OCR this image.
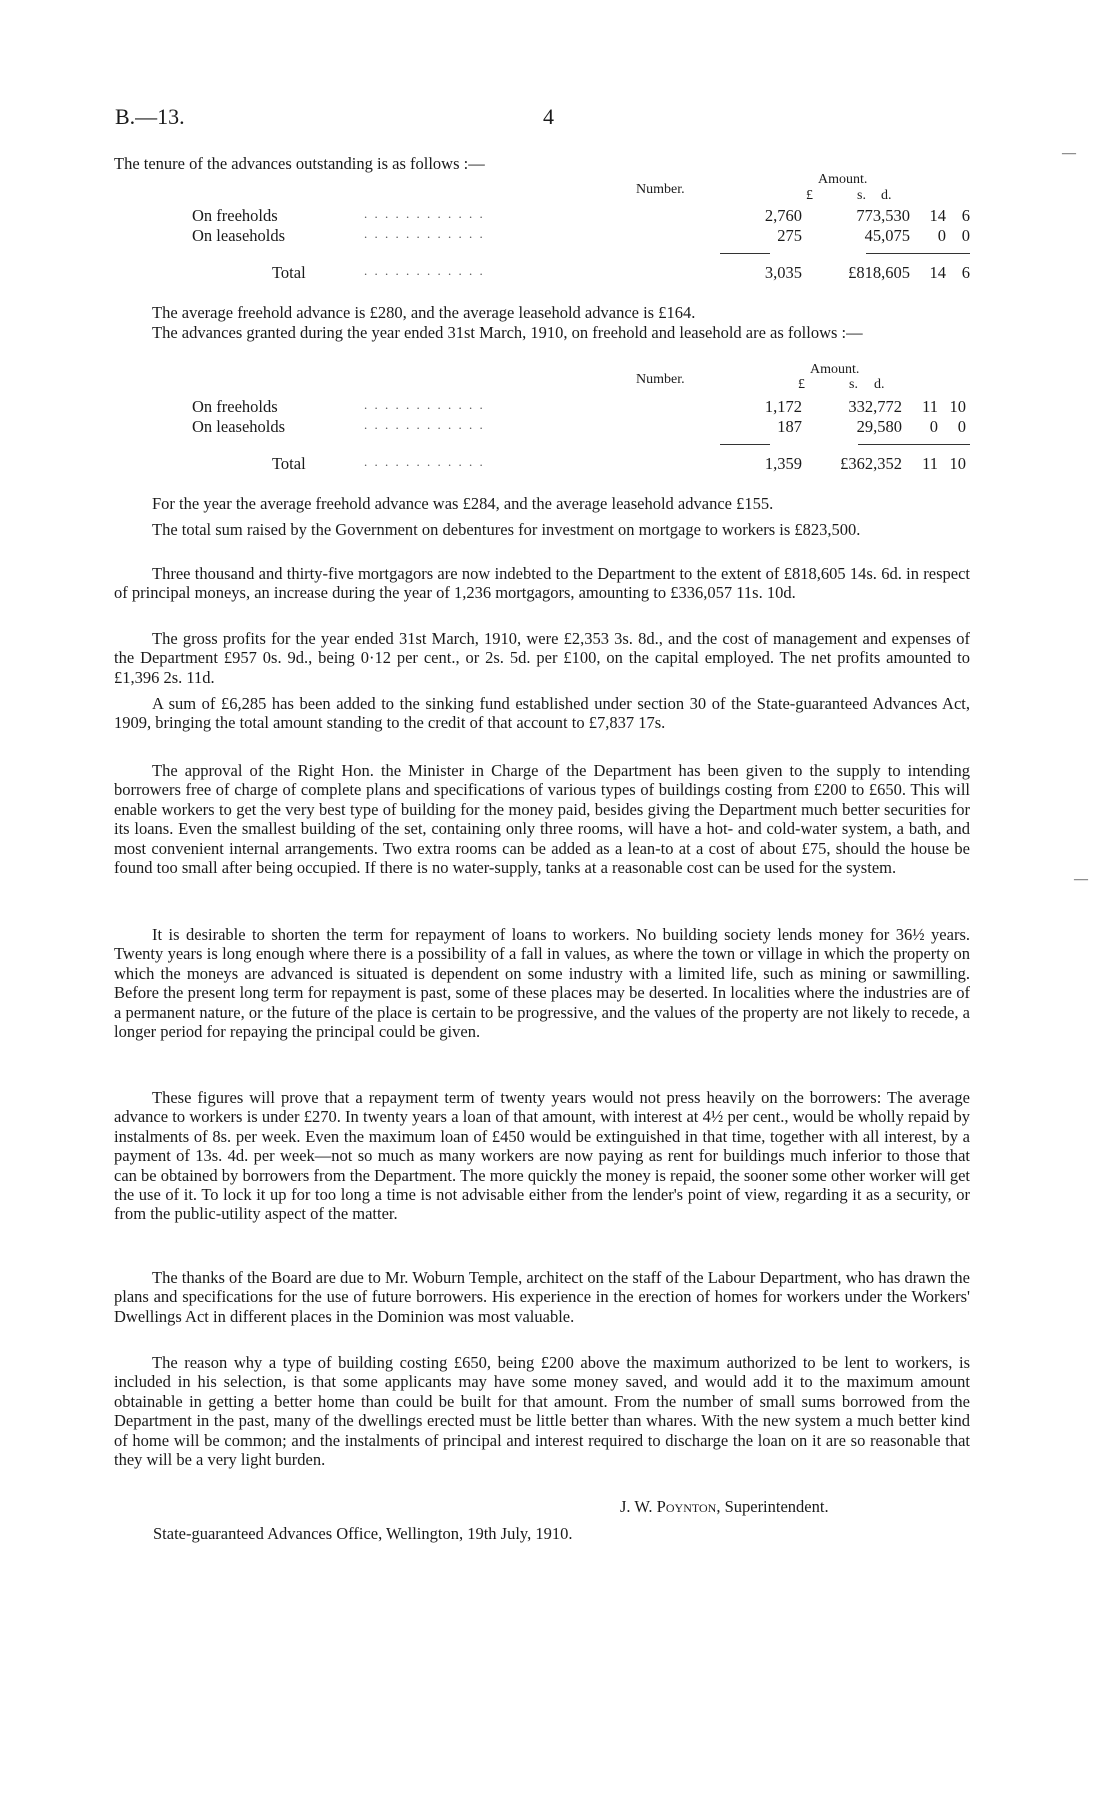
B.—13.	4
—
—
The tenure of the advances outstanding is as follows :—
Number.
Amount.
£	s. d.
On freeholds	. . . . . . . . . . . .	2,760	773,530	14 6
On leaseholds	. . . . . . . . . . . .	275	45,075	0 0
Total	. . . . . . . . . . . .	3,035	£818,605	14 6
The average freehold advance is £280, and the average leasehold advance is £164.
The advances granted during the year ended 31st March, 1910, on freehold and leasehold are as follows :—
Number.
Amount.
£	s. d.
On freeholds	. . . . . . . . . . . .	1,172	332,772	11 10
On leaseholds	. . . . . . . . . . . .	187	29,580	0	0
Total	. . . . . . . . . . . .	1,359 £362,352	11 10
For the year the average freehold advance was £284, and the average leasehold advance £155.
The total sum raised by the Government on debentures for investment on mortgage to workers is £823,500.
Three thousand and thirty-five mortgagors are now indebted to the Department to the extent of £818,605 14s. 6d. in respect of principal moneys, an increase during the year of 1,236 mortgagors, amounting to £336,057 11s. 10d.
The gross profits for the year ended 31st March, 1910, were £2,353 3s. 8d., and the cost of management and expenses of the Department £957 0s. 9d., being 0·12 per cent., or 2s. 5d. per £100, on the capital employed. The net profits amounted to £1,396 2s. 11d.
A sum of £6,285 has been added to the sinking fund established under section 30 of the State-guaranteed Advances Act, 1909, bringing the total amount standing to the credit of that account to £7,837 17s.
The approval of the Right Hon. the Minister in Charge of the Department has been given to the supply to intending borrowers free of charge of complete plans and specifications of various types of buildings costing from £200 to £650. This will enable workers to get the very best type of building for the money paid, besides giving the Department much better securities for its loans. Even the smallest building of the set, containing only three rooms, will have a hot- and cold-water system, a bath, and most convenient internal arrangements. Two extra rooms can be added as a lean-to at a cost of about £75, should the house be found too small after being occupied. If there is no water-supply, tanks at a reasonable cost can be used for the system.
It is desirable to shorten the term for repayment of loans to workers. No building society lends money for 36½ years. Twenty years is long enough where there is a possibility of a fall in values, as where the town or village in which the property on which the moneys are advanced is situated is dependent on some industry with a limited life, such as mining or sawmilling. Before the present long term for repayment is past, some of these places may be deserted. In localities where the industries are of a permanent nature, or the future of the place is certain to be progressive, and the values of the property are not likely to recede, a longer period for repaying the principal could be given.
These figures will prove that a repayment term of twenty years would not press heavily on the borrowers: The average advance to workers is under £270. In twenty years a loan of that amount, with interest at 4½ per cent., would be wholly repaid by instalments of 8s. per week. Even the maximum loan of £450 would be extinguished in that time, together with all interest, by a payment of 13s. 4d. per week—not so much as many workers are now paying as rent for buildings much inferior to those that can be obtained by borrowers from the Department. The more quickly the money is repaid, the sooner some other worker will get the use of it. To lock it up for too long a time is not advisable either from the lender's point of view, regarding it as a security, or from the public-utility aspect of the matter.
The thanks of the Board are due to Mr. Woburn Temple, architect on the staff of the Labour Department, who has drawn the plans and specifications for the use of future borrowers. His experience in the erection of homes for workers under the Workers' Dwellings Act in different places in the Dominion was most valuable.
The reason why a type of building costing £650, being £200 above the maximum authorized to be lent to workers, is included in his selection, is that some applicants may have some money saved, and would add it to the maximum amount obtainable in getting a better home than could be built for that amount. From the number of small sums borrowed from the Department in the past, many of the dwellings erected must be little better than whares. With the new system a much better kind of home will be common; and the instalments of principal and interest required to discharge the loan on it are so reasonable that they will be a very light burden.
J. W. Poynton, Superintendent.
State-guaranteed Advances Office, Wellington, 19th July, 1910.
